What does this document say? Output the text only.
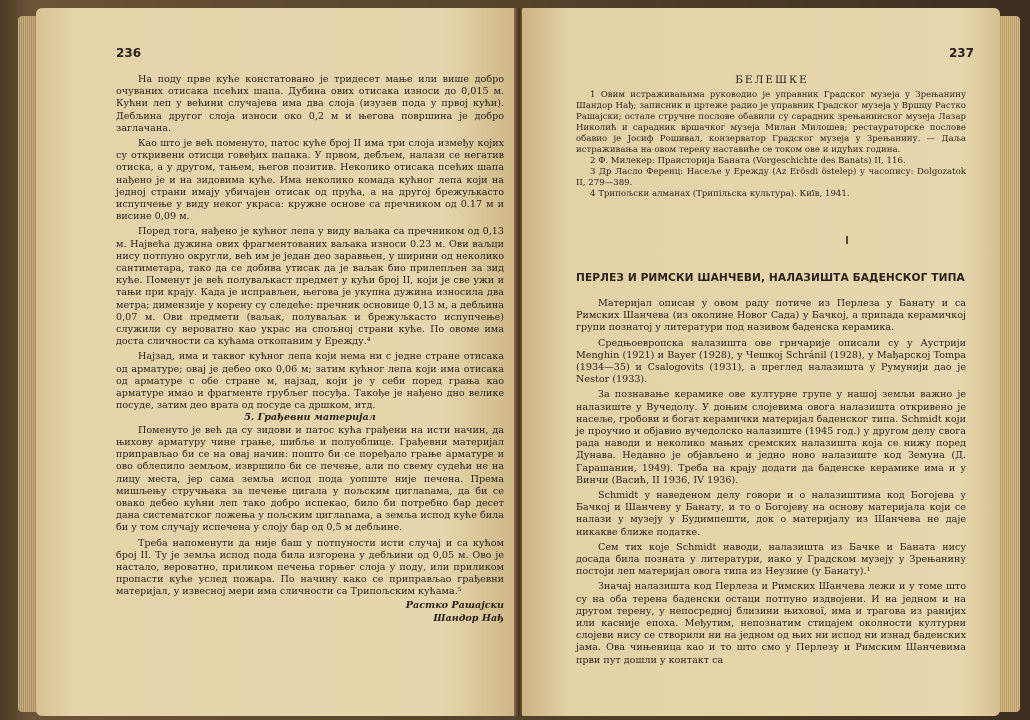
236

На поду прве куће констатовано је тридесет мање или више добро очуваних отисака псећих шапа. Дубина ових отисака износи до 0,015 м. Кућни леп у већини случајева има два слоја (изузев пода у првој кући). Дебљина другог слоја износи око 0,2 м и његова површина је добро заглачана.

Као што је већ поменуто, патос куће број II има три слоја између којих су откривени отисци говеђих папака. У првом, дебљем, налази се негатив отиска, а у другом, тањем, његов позитив. Неколико отисака псећих шапа нађено је и на зидовима куће. Има неколико комада кућног лепа који на једној страни имају убичајен отисак од прућа, а на другој брежуљкасто испупчење у виду неког украса: кружне основе са пречником од 0.17 м и висине 0,09 м.

Поред тога, нађено је кућног лепа у виду ваљака са пречником од 0,13 м. Највећа дужина ових фрагментованих ваљака износи 0.23 м. Ови ваљци нису потпуно округли, већ им је један део заравњен, у ширини од неколико сантиметара, тако да се добива утисак да је ваљак био прилепљен за зид куће. Поменут је већ полуваљкаст предмет у кући број II, који је све ужи и тањи при крају. Када је исправљен, његова је укупна дужина износила два метра; димензије у корену су следеће: пречник основице 0,13 м, а дебљина 0,07 м. Ови предмети (ваљак, полуваљак и брежуљкасто испупчење) служили су вероватно као украс на спољној страни куће. По овоме има доста сличности са кућама откопаним у Ережду.⁴

Најзад, има и таквог кућног лепа који нема ни с једне стране отисака од арматуре; овај је дебео око 0,06 м; затим кућног лепа који има отисака од арматуре с обе стране м, најзад, који је у себи поред грања као арматуре имао и фрагменте грубљег посуђа. Такође је нађено дно велике посуде, затим део врата од посуде са дршком, итд.

5. Грађевни материјал

Поменуто је већ да су зидови и патос кућа грађени на исти начин, да њихову арматуру чине грање, шибље и полуоблице. Грађевни материјал приправљао би се на овај начин: пошто би се поређало грање арматуре и ово облепило земљом, извршило би се печење, али по свему судећи не на лицу места, јер сама земља испод пода уопште није печена. Према мишљењу стручњака за печење цигала у пољским циглanама, да би се овако дебео кућни леп тако добро испекао, било би потребно бар десет дана систематског ложења у пољским циглanама, а земља испод куће била би у том случају испечена у слоју бар од 0,5 м дебљине.

Треба напоменути да није баш у потпуности исти случај и са кућом број II. Ту је земља испод пода била изгорена у дебљини од 0,05 м. Ово је настало, вероватно, приликом печења горњег слоја у поду, или приликом пропасти куће услед пожара. По начину како се приправљао грађевни материјал, у извесној мери има сличности са Трипољским кућама.⁵

Растко Рашајски

Шандор Нађ

237
БЕЛЕШКЕ

1 Овим истраживањима руководио је управник Градског музеја у Зрењанину Шандор Нађ; записник и цртеже радио је управник Градског музеја у Вршцу Растко Рашајски; остале стручне послове обавили су сарадник зрењанинског музеја Лазар Николић и сарадник вршачког музеја Милан Милошев; рестаураторске послове обавио је Јосиф Рошивал, конзерватор Градског музеја у Зрењанину. — Даља истраживања на овом терену наставиће се током ове и идућих година.

2 Ф. Милекер: Праисторија Баната (Vorgeschichte des Banats) II, 116.

3 Др Ласло Ференц: Насеље у Ережду (Az Erösdi östelep) у часопису: Dolgozatok II, 279—389.

4 Трипољски алманах (Трипільска культура). Київ, 1941.

ПЕРЛЕЗ И РИМСКИ ШАНЧЕВИ, НАЛАЗИШТА БАДЕНСКОГ ТИПА

Материјал описан у овом раду потиче из Перлеза у Банату и са Римских Шанчева (из околине Новог Сада) у Бачкој, а припада керамичкој групи познатој у литератури под називом баденска керамика.

Средњоевропска налазишта ове грнчарије описали су у Аустрији Menghin (1921) и Bayer (1928), у Чешкој Schránil (1928), у Мађарској Tompa (1934—35) и Csalogovits (1931), а преглед налазишта у Румунији дао је Nestor (1933).

За познавање керамике ове културне групе у нашој земљи важно је налазиште у Вучедолу. У доњим слојевима овога налазишта откривено је насеље, гробови и богат керамички материјал баденског типа. Schmidt који је проучио и објавио вучедолско налазиште (1945 год.) у другом делу свога рада наводи и неколико мањих сремских налазишта која се нижу поред Дунава. Недавно је објављено и једно ново налазиште код Земуна (Д. Гарашанин, 1949). Треба на крају додати да баденске керамике има и у Винчи (Васић, II 1936, IV 1936).

Schmidt у наведеном делу говори и о налазиштима код Богојева у Бачкој и Шанчеву у Банату, и то о Богојеву на основу материјала који се налази у музеју у Будимпешти, док о материјалу из Шанчева не даје никакве ближе податке.

Сем тих које Schmidt наводи, налазишта из Бачке и Баната нису досада била позната у литератури, иако у Градском музеју у Зрењанину постоји леп материјал овога типа из Неузине (у Банату).¹

Значај налазишта код Перлеза и Римских Шанчева лежи и у томе што су на оба терена баденски остаци потпуно издвојени. И на једном и на другом терену, у непосредној близини њихової, има и трагова из ранијих или касније епоха. Међутим, непознатим стицајем околности културни слојеви нису се створили ни на једном од њих ни испод ни изнад баденских јама. Ова чињеница као и то што смо у Перлезу и Римским Шанчевима први пут дошли у контакт са
